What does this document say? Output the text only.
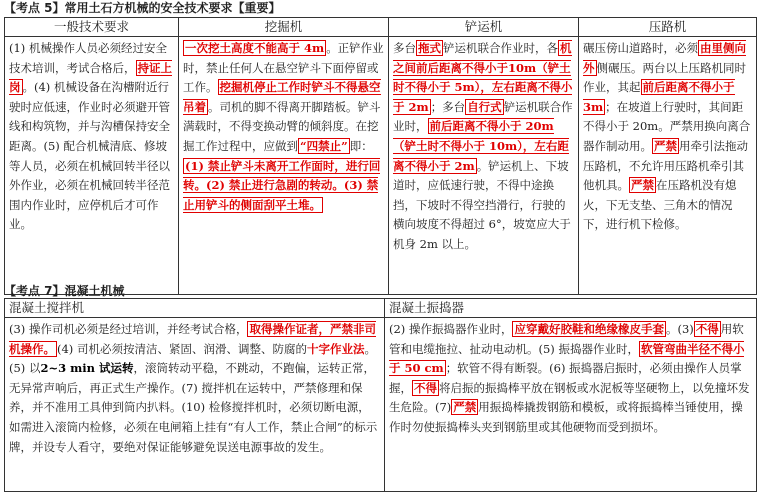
【考点 5】常用土石方机械的安全技术要求【重要】
一般技术要求	挖掘机	铲运机	压路机

(1) 机械操作人员必须经过安全技术培训，考试合格后， 持证上岗 。(4) 机械设备在沟槽附近行驶时应低速，作业时必须避开管线和构筑物，并与沟槽保持安全距离。(5) 配合机械清底、修坡等人员，必须在机械回转半径以外作业，必须在机械回转半径范围内作业时，应停机后才可作业。	一次挖土高度不能高于 4m 。正铲作业时，禁止任何人在悬空铲斗下面停留或工作。 挖掘机停止工作时铲斗不得悬空吊着 。司机的脚不得离开脚踏板。铲斗满载时，不得变换动臂的倾斜度。在挖掘工作过程中，应做到 “四禁止” 即：(1) 禁止铲斗未离开工作面时，进行回转。(2) 禁止进行急剧的转动。(3) 禁止用铲斗的侧面刮平土堆。	多台 拖式 铲运机联合作业时，各 机之间前后距离不得小于10m（铲土时不得小于 5m），左右距离不得小于 2m ；多台 自行式 铲运机联合作业时， 前后距离不得小于 20m（铲土时不得小于 10m），左右距离不得小于 2m 。铲运机上、下坡道时，应低速行驶，不得中途换挡，下坡时不得空挡滑行，行驶的横向坡度不得超过 6°，坡宽应大于机身 2m 以上。	碾压傍山道路时，必须 由里侧向外 侧碾压。两台以上压路机同时作业，其起 前后距离不得小于 3m ；在坡道上行驶时，其间距不得小于 20m。严禁用换向离合器作制动用。 严禁 用牵引法拖动压路机，不允许用压路机牵引其他机具。 严禁 在压路机没有熄火，下无支垫、三角木的情况下，进行机下检修。

【考点 7】混凝土机械
混凝土搅拌机	混凝土振捣器

(3) 操作司机必须是经过培训，并经考试合格， 取得操作证者，严禁非司机操作。 (4) 司机必须按清洁、紧固、润滑、调整、防腐的十字作业法。(5) 以2~3 min 试运转，滚筒转动平稳，不跳动，不跑偏，运转正常，无异常声响后，再正式生产操作。(7) 搅拌机在运转中，严禁修理和保养，并不准用工具伸到筒内扒料。(10) 检修搅拌机时，必须切断电源，如需进入滚筒内检修，必须在电闸箱上挂有“有人工作，禁止合闸”的标示牌，并设专人看守，要绝对保证能够避免误送电源事故的发生。	(2) 操作振捣器作业时， 应穿戴好胶鞋和绝缘橡皮手套 。(3) 不得 用软管和电缆拖拉、扯动电动机。(5) 振捣器作业时， 软管弯曲半径不得小于 50 cm ；软管不得有断裂。(6) 振捣器启振时，必须由操作人员掌握， 不得 将启振的振捣棒平放在钢板或水泥板等坚硬物上，以免撞坏发生危险。(7) 严禁 用振捣棒撬拨钢筋和模板，或将振捣棒当锤使用，操作时勿使振捣棒头夹到钢筋里或其他硬物而受到损坏。
